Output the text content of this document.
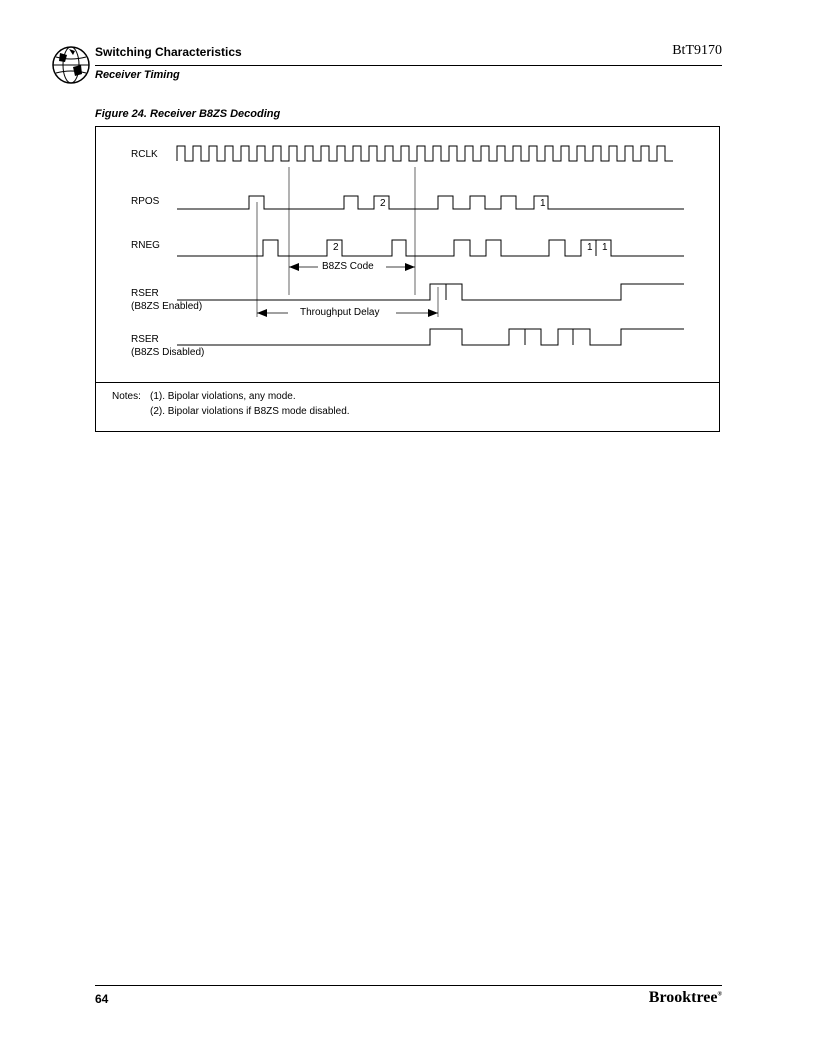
Switching Characteristics	BtT9170
Receiver Timing
Figure 24. Receiver B8ZS Decoding
RCLK
RPOS
RNEG
RSER
(B8ZS Enabled)
RSER
(B8ZS Disabled)
B8ZS Code
Throughput Delay
2	1
2	1 1
Notes: (1). Bipolar violations, any mode.
(2). Bipolar violations if B8ZS mode disabled.
64	Brooktree®
